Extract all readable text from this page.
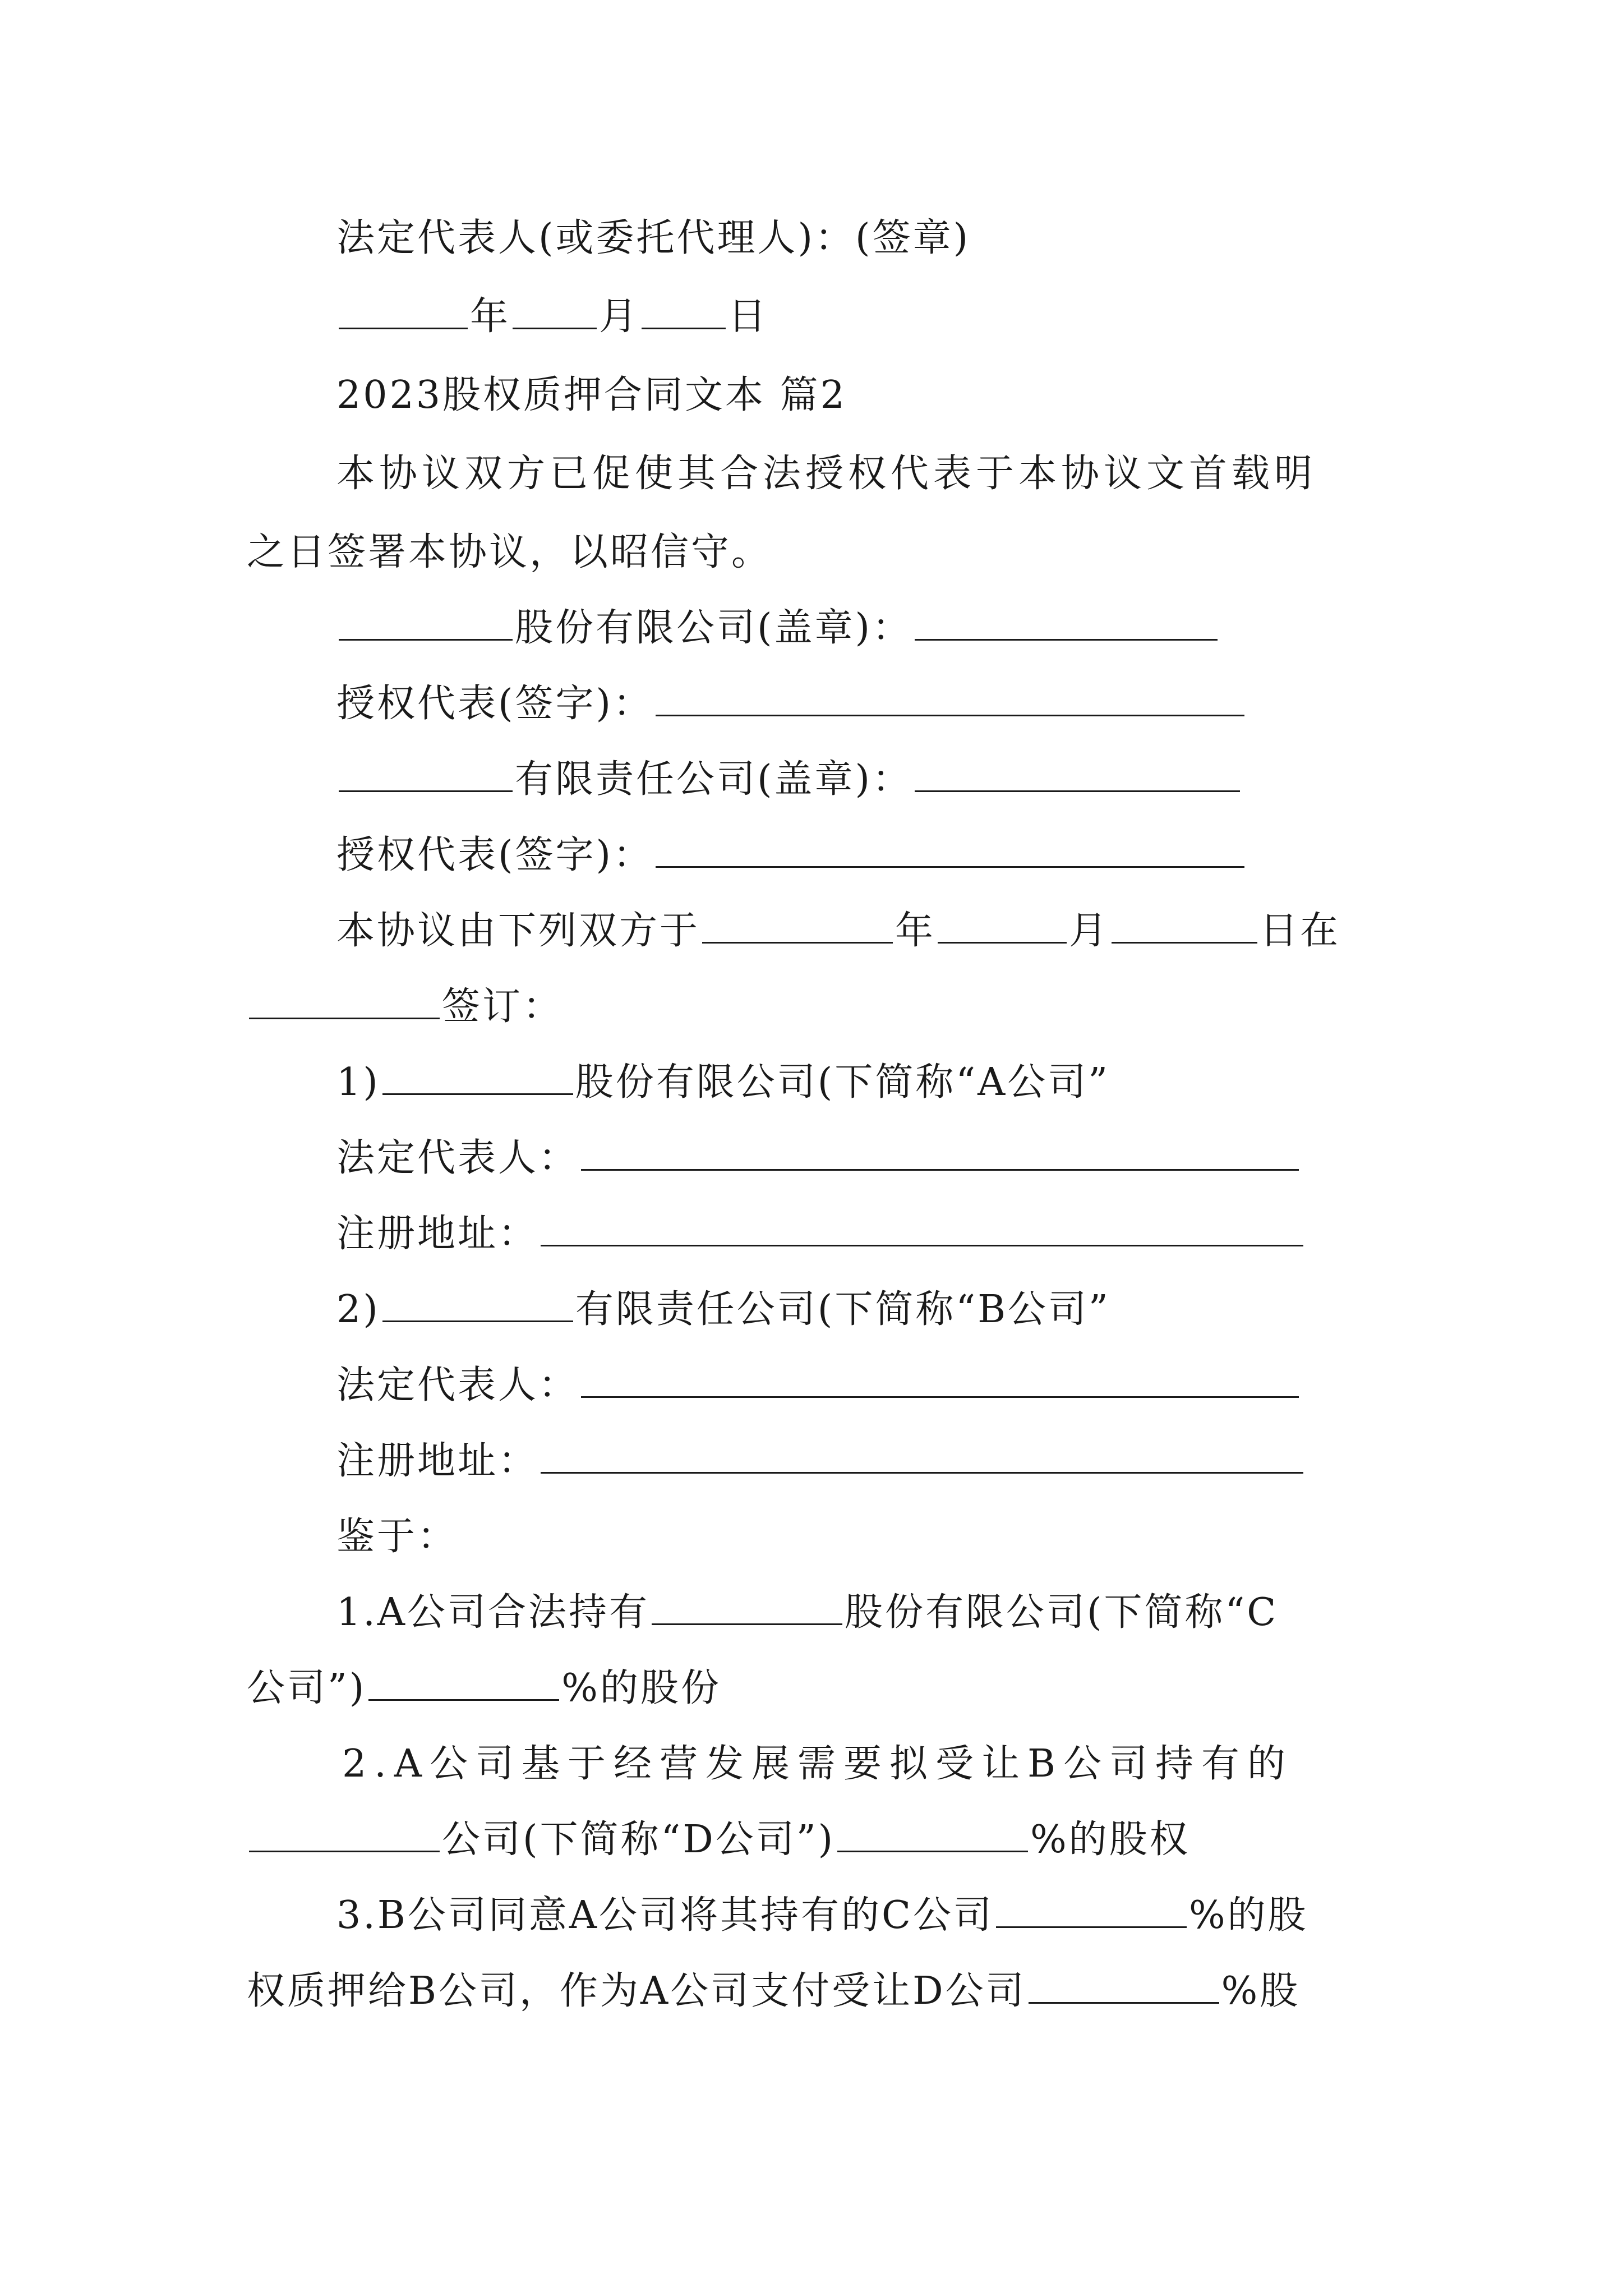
法定代表人(或委托代理人)：(签章)
年 月 日
2023股权质押合同文本 篇2
本协议双方已促使其合法授权代表于本协议文首载明
之日签署本协议，以昭信守。
股份有限公司(盖章)：
授权代表(签字)：
有限责任公司(盖章)：
授权代表(签字)：
本协议由下列双方于	年	月	日在
签订：
1)	股份有限公司(下简称“A公司”
法定代表人：
注册地址：
2)	有限责任公司(下简称“B公司”
法定代表人：
注册地址：
鉴于：
1.A公司合法持有	股份有限公司(下简称“C
公司”)	%的股份
2.A公司基于经营发展需要拟受让B公司持有的
公司(下简称“D公司”)	%的股权
3.B公司同意A公司将其持有的C公司	%的股
权质押给B公司，作为A公司支付受让D公司	%股
